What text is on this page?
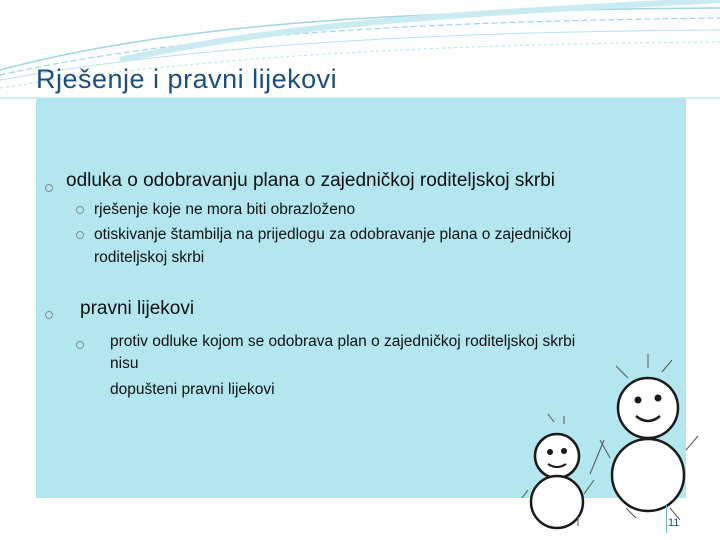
Rješenje i pravni lijekovi
odluka o odobravanju plana o zajedničkoj roditeljskoj skrbi
rješenje koje ne mora biti obrazloženo
otiskivanje štambilja na prijedlogu za odobravanje plana o zajedničkoj
roditeljskoj skrbi
pravni lijekovi
protiv odluke kojom se odobrava plan o zajedničkoj roditeljskoj skrbi
nisu
dopušteni pravni lijekovi
11
